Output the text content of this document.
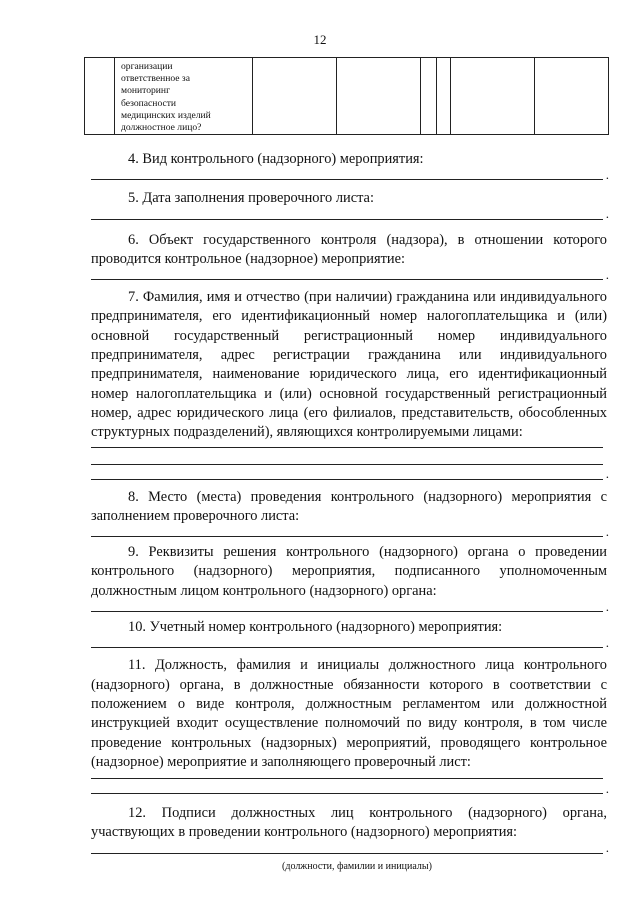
12

организации
ответственное за
мониторинг
безопасности
медицинских изделий
должностное лицо?

4. Вид контрольного (надзорного) мероприятия:

.

5. Дата заполнения проверочного листа:

.

6. Объект государственного контроля (надзора), в отношении которого проводится контрольное (надзорное) мероприятие:

.

7. Фамилия, имя и отчество (при наличии) гражданина или индивидуального предпринимателя, его идентификационный номер налогоплательщика и (или) основной государственный регистрационный номер индивидуального предпринимателя, адрес регистрации гражданина или индивидуального предпринимателя, наименование юридического лица, его идентификационный номер налогоплательщика и (или) основной государственный регистрационный номер, адрес юридического лица (его филиалов, представительств, обособленных структурных подразделений), являющихся контролируемыми лицами:

.

8. Место (места) проведения контрольного (надзорного) мероприятия с заполнением проверочного листа:

.

9. Реквизиты решения контрольного (надзорного) органа о проведении контрольного (надзорного) мероприятия, подписанного уполномоченным должностным лицом контрольного (надзорного) органа:

.

10. Учетный номер контрольного (надзорного) мероприятия:

.

11. Должность, фамилия и инициалы должностного лица контрольного (надзорного) органа, в должностные обязанности которого в соответствии с положением о виде контроля, должностным регламентом или должностной инструкцией входит осуществление полномочий по виду контроля, в том числе проведение контрольных (надзорных) мероприятий, проводящего контрольное (надзорное) мероприятие и заполняющего проверочный лист:

.

12. Подписи должностных лиц контрольного (надзорного) органа, участвующих в проведении контрольного (надзорного) мероприятия:

.
(должности, фамилии и инициалы)
